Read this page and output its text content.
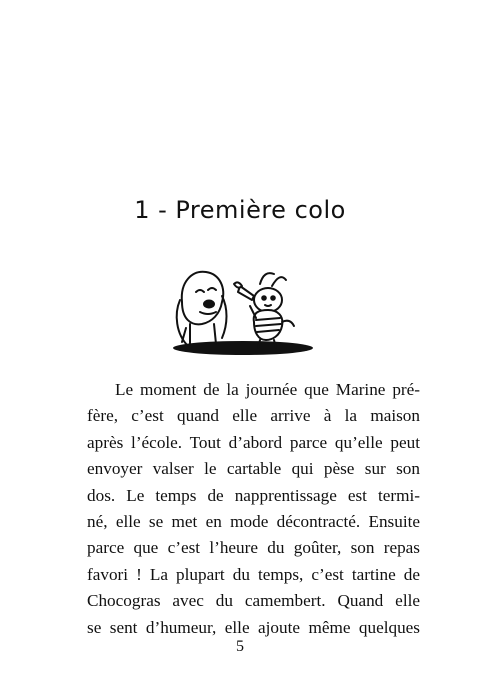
1 - Première colo
Le moment de la journée que Marine pré-
fère, c’est quand elle arrive à la maison
après l’école. Tout d’abord parce qu’elle peut
envoyer valser le cartable qui pèse sur son
dos. Le temps de napprentissage est termi-
né, elle se met en mode décontracté. Ensuite
parce que c’est l’heure du goûter, son repas
favori ! La plupart du temps, c’est tartine de
Chocogras avec du camembert. Quand elle
se sent d’humeur, elle ajoute même quelques
5
